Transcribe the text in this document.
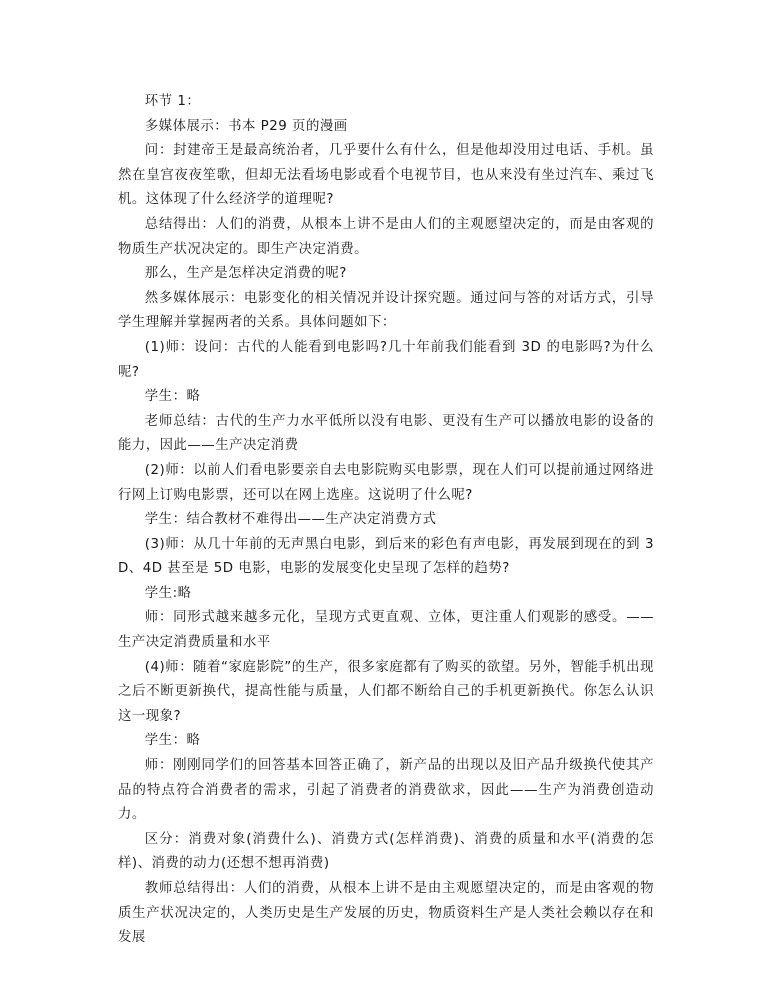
环节 1：

多媒体展示：书本 P29 页的漫画

问：封建帝王是最高统治者，几乎要什么有什么，但是他却没用过电话、手机。虽然在皇宫夜夜笙歌，但却无法看场电影或看个电视节目，也从来没有坐过汽车、乘过飞机。这体现了什么经济学的道理呢?

总结得出：人们的消费，从根本上讲不是由人们的主观愿望决定的，而是由客观的物质生产状况决定的。即生产决定消费。

那么，生产是怎样决定消费的呢?

然多媒体展示：电影变化的相关情况并设计探究题。通过问与答的对话方式，引导学生理解并掌握两者的关系。具体问题如下：

(1)师：设问：古代的人能看到电影吗?几十年前我们能看到 3D 的电影吗?为什么呢?

学生：略

老师总结：古代的生产力水平低所以没有电影、更没有生产可以播放电影的设备的能力，因此——生产决定消费

(2)师：以前人们看电影要亲自去电影院购买电影票，现在人们可以提前通过网络进行网上订购电影票，还可以在网上选座。这说明了什么呢?

学生：结合教材不难得出——生产决定消费方式

(3)师：从几十年前的无声黑白电影，到后来的彩色有声电影，再发展到现在的到 3D、4D 甚至是 5D 电影，电影的发展变化史呈现了怎样的趋势?

学生:略

师：同形式越来越多元化，呈现方式更直观、立体，更注重人们观影的感受。——生产决定消费质量和水平

(4)师：随着“家庭影院”的生产，很多家庭都有了购买的欲望。另外，智能手机出现之后不断更新换代，提高性能与质量，人们都不断给自己的手机更新换代。你怎么认识这一现象?

学生：略

师：刚刚同学们的回答基本回答正确了，新产品的出现以及旧产品升级换代使其产品的特点符合消费者的需求，引起了消费者的消费欲求，因此——生产为消费创造动力。

区分：消费对象(消费什么)、消费方式(怎样消费)、消费的质量和水平(消费的怎样)、消费的动力(还想不想再消费)

教师总结得出：人们的消费，从根本上讲不是由主观愿望决定的，而是由客观的物质生产状况决定的，人类历史是生产发展的历史，物质资料生产是人类社会赖以存在和发展
